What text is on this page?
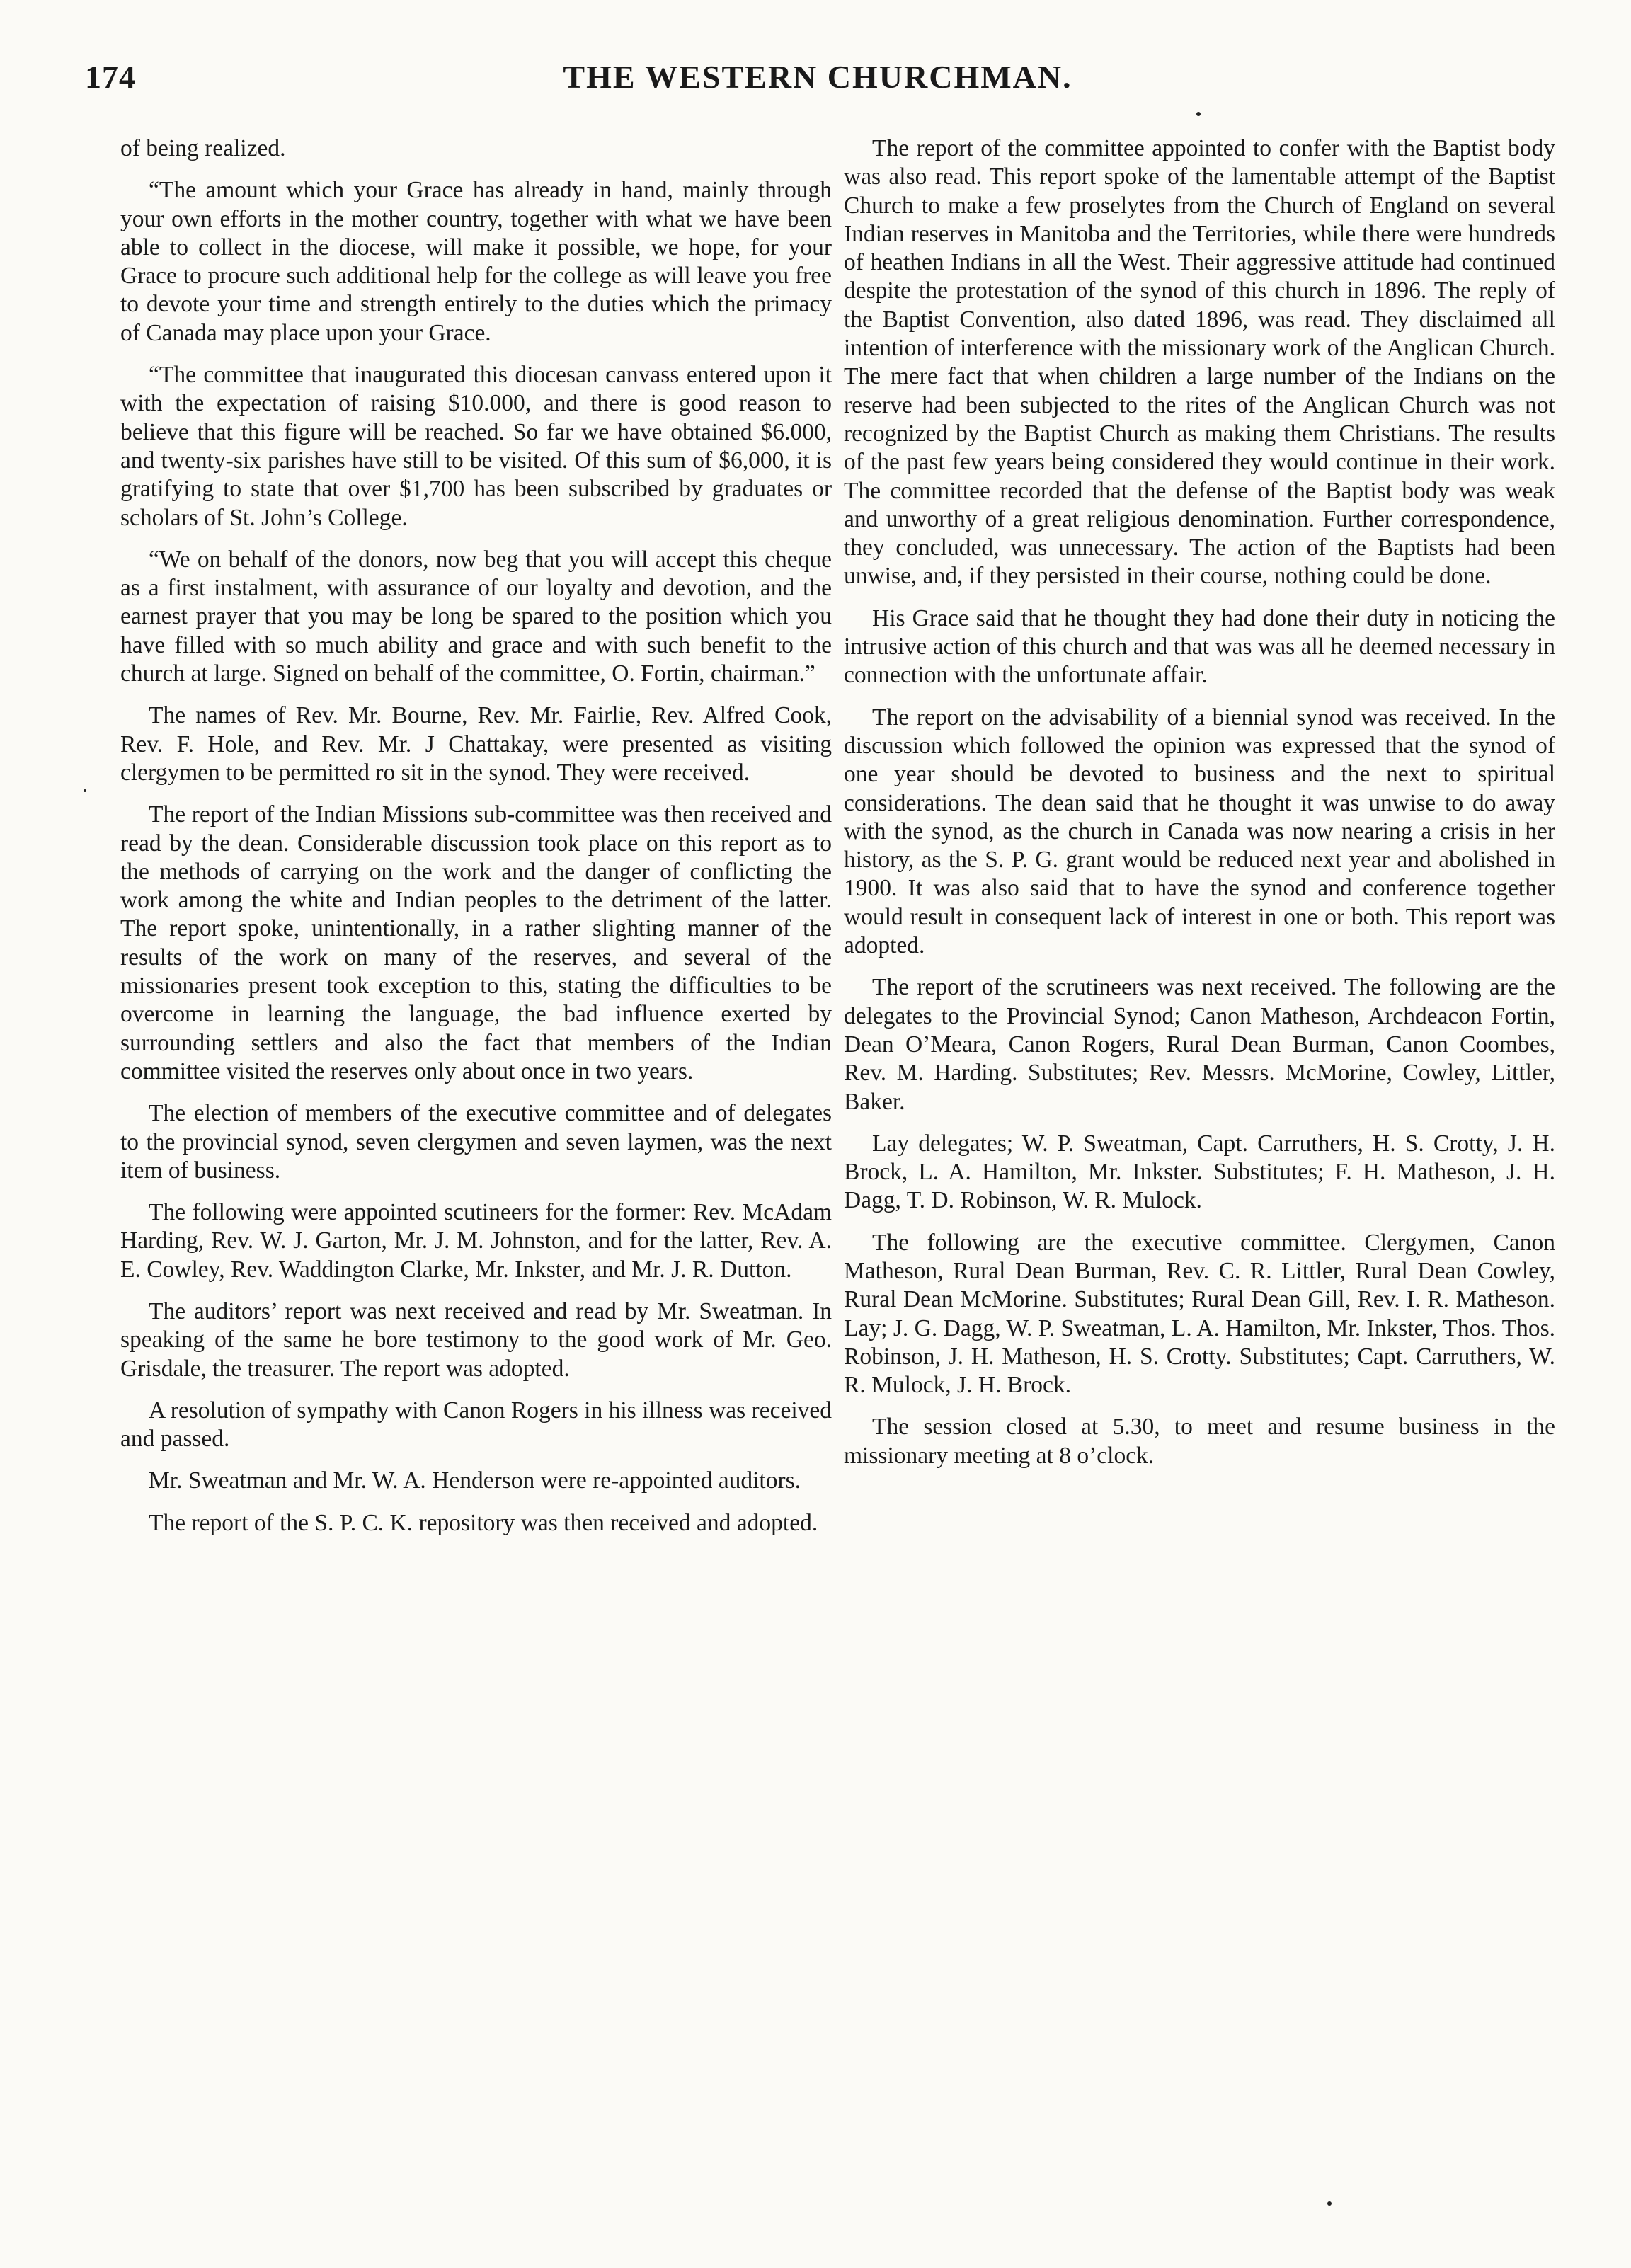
174	THE WESTERN CHURCHMAN.

of being realized.

“The amount which your Grace has already in hand, mainly through your own efforts in the mother country, together with what we have been able to collect in the diocese, will make it possible, we hope, for your Grace to procure such additional help for the college as will leave you free to devote your time and strength entirely to the duties which the primacy of Canada may place upon your Grace.

“The committee that inaugurated this diocesan canvass entered upon it with the expectation of raising $10.000, and there is good reason to believe that this figure will be reached. So far we have obtained $6.000, and twenty-six parishes have still to be visited. Of this sum of $6,000, it is gratifying to state that over $1,700 has been subscribed by graduates or scholars of St. John’s College.

“We on behalf of the donors, now beg that you will accept this cheque as a first instalment, with assurance of our loyalty and devotion, and the earnest prayer that you may be long be spared to the position which you have filled with so much ability and grace and with such benefit to the church at large. Signed on behalf of the committee, O. Fortin, chairman.”

The names of Rev. Mr. Bourne, Rev. Mr. Fairlie, Rev. Alfred Cook, Rev. F. Hole, and Rev. Mr. J Chattakay, were presented as visiting clergymen to be permitted ro sit in the synod. They were received.

The report of the Indian Missions sub-committee was then received and read by the dean. Considerable discussion took place on this report as to the methods of carrying on the work and the danger of conflicting the work among the white and Indian peoples to the detriment of the latter. The report spoke, unintentionally, in a rather slighting manner of the results of the work on many of the reserves, and several of the missionaries present took exception to this, stating the difficulties to be overcome in learning the language, the bad influence exerted by surrounding settlers and also the fact that members of the Indian committee visited the reserves only about once in two years.

The election of members of the executive committee and of delegates to the provincial synod, seven clergymen and seven laymen, was the next item of business.

The following were appointed scutineers for the former: Rev. McAdam Harding, Rev. W. J. Garton, Mr. J. M. Johnston, and for the latter, Rev. A. E. Cowley, Rev. Waddington Clarke, Mr. Inkster, and Mr. J. R. Dutton.

The auditors’ report was next received and read by Mr. Sweatman. In speaking of the same he bore testimony to the good work of Mr. Geo. Grisdale, the treasurer. The report was adopted.

A resolution of sympathy with Canon Rogers in his illness was received and passed.

Mr. Sweatman and Mr. W. A. Henderson were re-appointed auditors.

The report of the S. P. C. K. repository was then received and adopted.

The report of the committee appointed to confer with the Baptist body was also read. This report spoke of the lamentable attempt of the Baptist Church to make a few proselytes from the Church of England on several Indian reserves in Manitoba and the Territories, while there were hundreds of heathen Indians in all the West. Their aggressive attitude had continued despite the protestation of the synod of this church in 1896. The reply of the Baptist Convention, also dated 1896, was read. They disclaimed all intention of interference with the missionary work of the Anglican Church. The mere fact that when children a large number of the Indians on the reserve had been subjected to the rites of the Anglican Church was not recognized by the Baptist Church as making them Christians. The results of the past few years being considered they would continue in their work. The committee recorded that the defense of the Baptist body was weak and unworthy of a great religious denomination. Further correspondence, they concluded, was unnecessary. The action of the Baptists had been unwise, and, if they persisted in their course, nothing could be done.

His Grace said that he thought they had done their duty in noticing the intrusive action of this church and that was was all he deemed necessary in connection with the unfortunate affair.

The report on the advisability of a biennial synod was received. In the discussion which followed the opinion was expressed that the synod of one year should be devoted to business and the next to spiritual considerations. The dean said that he thought it was unwise to do away with the synod, as the church in Canada was now nearing a crisis in her history, as the S. P. G. grant would be reduced next year and abolished in 1900. It was also said that to have the synod and conference together would result in consequent lack of interest in one or both. This report was adopted.

The report of the scrutineers was next received. The following are the delegates to the Provincial Synod; Canon Matheson, Archdeacon Fortin, Dean O’Meara, Canon Rogers, Rural Dean Burman, Canon Coombes, Rev. M. Harding. Substitutes; Rev. Messrs. McMorine, Cowley, Littler, Baker.

Lay delegates; W. P. Sweatman, Capt. Carruthers, H. S. Crotty, J. H. Brock, L. A. Hamilton, Mr. Inkster. Substitutes; F. H. Matheson, J. H. Dagg, T. D. Robinson, W. R. Mulock.

The following are the executive committee. Clergymen, Canon Matheson, Rural Dean Burman, Rev. C. R. Littler, Rural Dean Cowley, Rural Dean McMorine. Substitutes; Rural Dean Gill, Rev. I. R. Matheson. Lay; J. G. Dagg, W. P. Sweatman, L. A. Hamilton, Mr. Inkster, Thos. Thos. Robinson, J. H. Matheson, H. S. Crotty. Substitutes; Capt. Carruthers, W. R. Mulock, J. H. Brock.

The session closed at 5.30, to meet and resume business in the missionary meeting at 8 o’clock.
